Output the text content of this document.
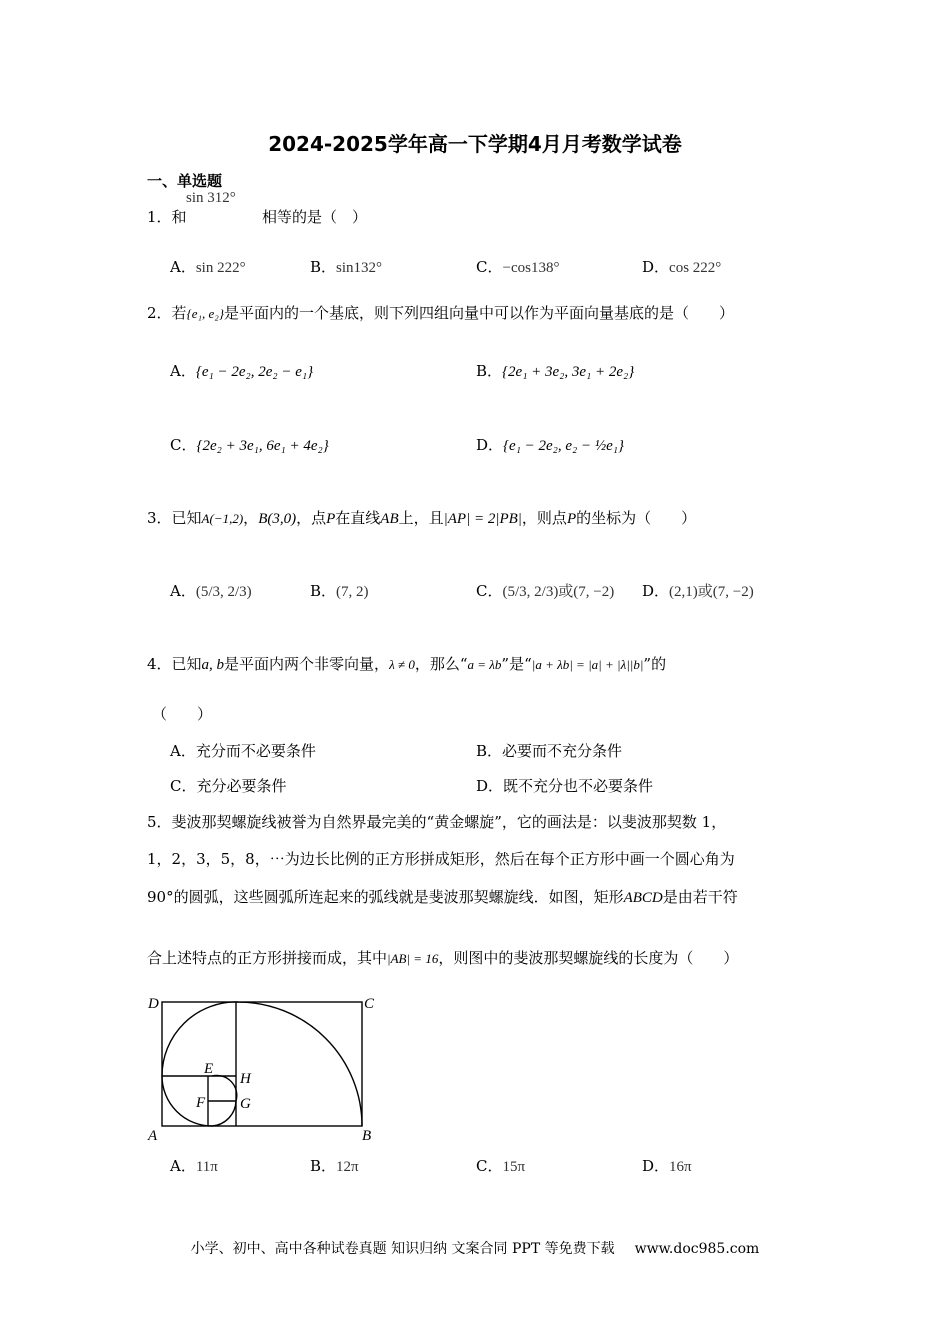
2024-2025学年高一下学期4月月考数学试卷
一、单选题
1．和
sin 312°
相等的是（　）
A．sin 222°	B．sin132°	C．−cos138°	D．cos 222°
2．若{e₁, e₂}是平面内的一个基底，则下列四组向量中可以作为平面向量基底的是（　　）
A．{e₁ − 2e₂, 2e₂ − e₁}	B．{2e₁ + 3e₂, 3e₁ + 2e₂}
C．{2e₂ + 3e₁, 6e₁ + 4e₂}	D．{e₁ − 2e₂, e₂ − ½e₁}
3．已知A(−1,2)，B(3,0)，点P在直线AB上，且|AP| = 2|PB|，则点P的坐标为（　　）
A．(5/3, 2/3)	B．(7, 2)	C．(5/3, 2/3)或(7, −2) D．(2,1)或(7, −2)
4．已知a, b是平面内两个非零向量，λ ≠ 0，那么“a = λb”是“|a + λb| = |a| + |λ||b|”的
（　　）
A．充分而不必要条件	B．必要而不充分条件
C．充分必要条件	D．既不充分也不必要条件
5．斐波那契螺旋线被誉为自然界最完美的“黄金螺旋”，它的画法是：以斐波那契数 1，
1，2，3，5，8，⋯为边长比例的正方形拼成矩形，然后在每个正方形中画一个圆心角为
90°的圆弧，这些圆弧所连起来的弧线就是斐波那契螺旋线．如图，矩形ABCD是由若干符
合上述特点的正方形拼接而成，其中|AB| = 16，则图中的斐波那契螺旋线的长度为（　　）
D	C
A	B
E
F
H
G
A．11π	B．12π	C．15π	D．16π
小学、初中、高中各种试卷真题 知识归纳 文案合同 PPT 等免费下载 www.doc985.com
